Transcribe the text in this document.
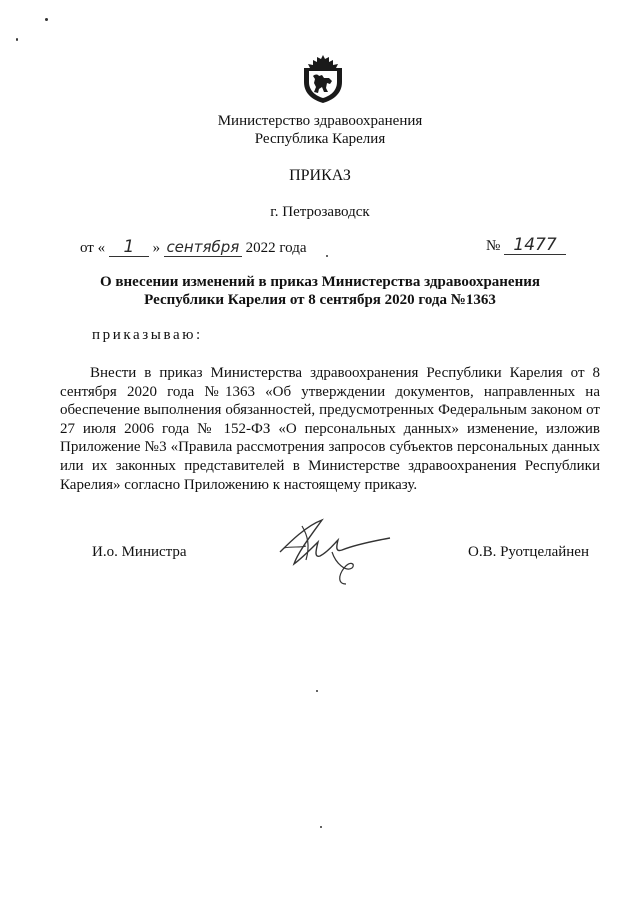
Министерство здравоохранения
Республика Карелия
ПРИКАЗ
г. Петрозаводск
от « 1 » сентября 2022 года	№ 1477
О внесении изменений в приказ Министерства здравоохранения
Республики Карелия от 8 сентября 2020 года №1363
приказываю:
Внести в приказ Министерства здравоохранения Республики Карелия от 8 сентября 2020 года №1363 «Об утверждении документов, направленных на обеспечение выполнения обязанностей, предусмотренных Федеральным законом от 27 июля 2006 года № 152-ФЗ «О персональных данных» изменение, изложив Приложение №3 «Правила рассмотрения запросов субъектов персональных данных или их законных представителей в Министерстве здравоохранения Республики Карелия» согласно Приложению к настоящему приказу.
И.о. Министра	О.В. Руотцелайнен
